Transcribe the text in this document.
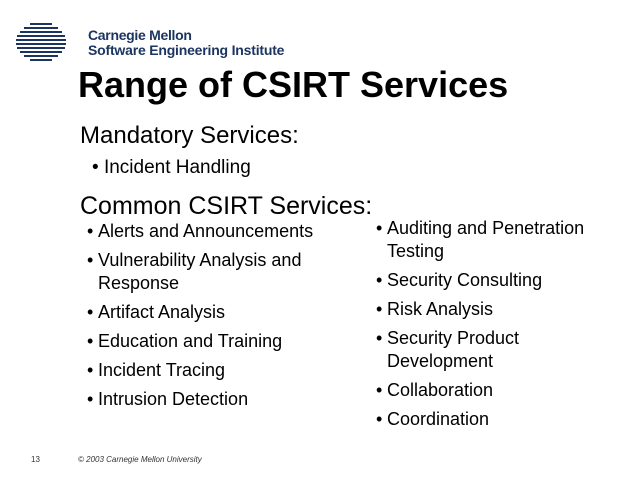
Carnegie Mellon
Software Engineering Institute
Range of CSIRT Services
Mandatory Services:
• Incident Handling
Common CSIRT Services:
• Alerts and Announcements
• Vulnerability Analysis and Response
• Artifact Analysis
• Education and Training
• Incident Tracing
• Intrusion Detection
• Auditing and Penetration Testing
• Security Consulting
• Risk Analysis
• Security Product Development
• Collaboration
• Coordination
13	© 2003 Carnegie Mellon University
